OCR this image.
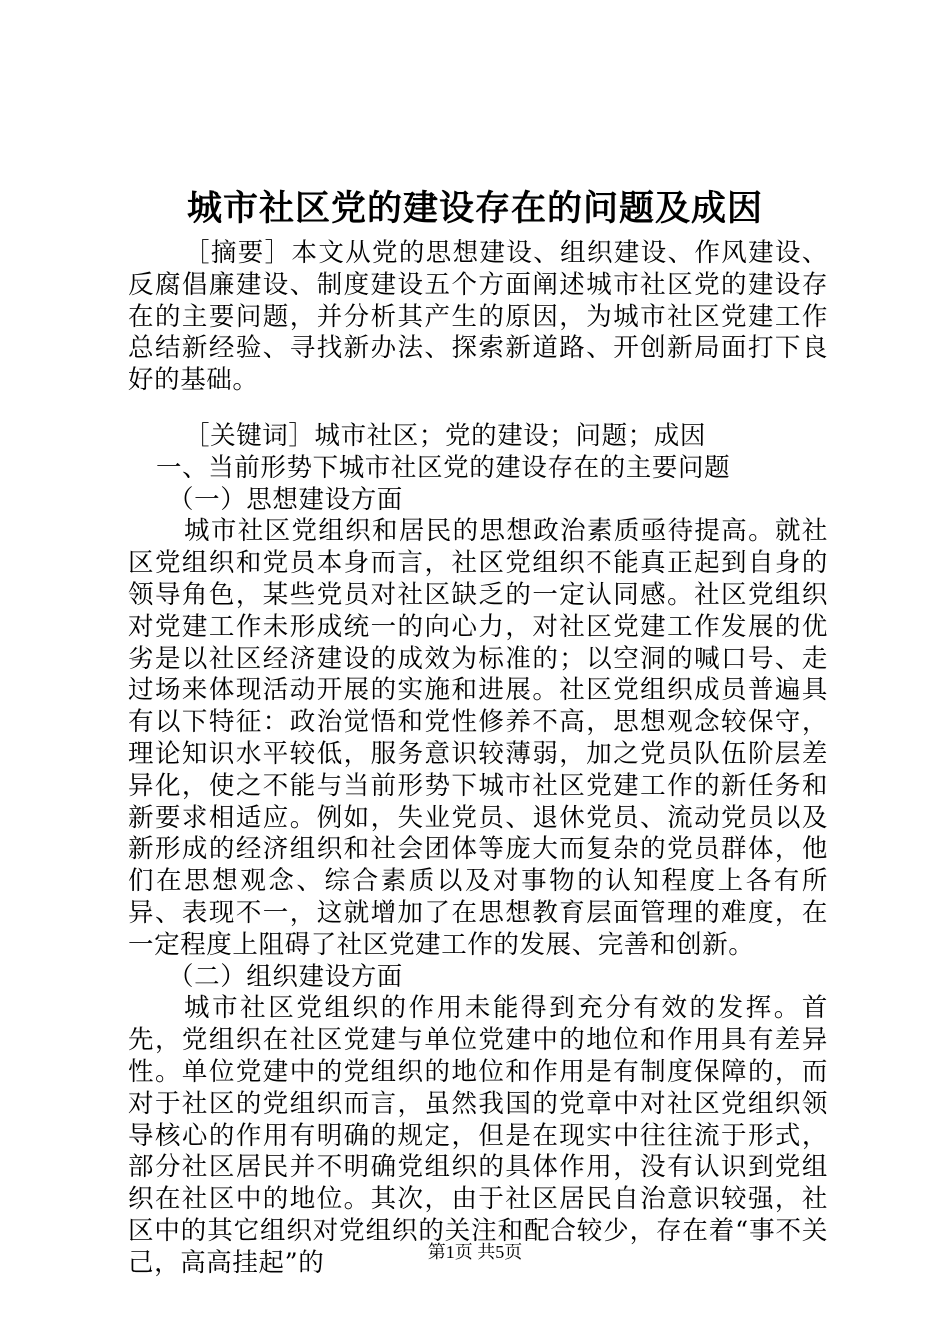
城市社区党的建设存在的问题及成因

［摘要］本文从党的思想建设、组织建设、作风建设、反腐倡廉建设、制度建设五个方面阐述城市社区党的建设存在的主要问题，并分析其产生的原因，为城市社区党建工作总结新经验、寻找新办法、探索新道路、开创新局面打下良好的基础。

［关键词］城市社区；党的建设；问题；成因

一、当前形势下城市社区党的建设存在的主要问题

（一）思想建设方面

城市社区党组织和居民的思想政治素质亟待提高。就社区党组织和党员本身而言，社区党组织不能真正起到自身的领导角色，某些党员对社区缺乏的一定认同感。社区党组织对党建工作未形成统一的向心力，对社区党建工作发展的优劣是以社区经济建设的成效为标准的；以空洞的喊口号、走过场来体现活动开展的实施和进展。社区党组织成员普遍具有以下特征：政治觉悟和党性修养不高，思想观念较保守，理论知识水平较低，服务意识较薄弱，加之党员队伍阶层差异化，使之不能与当前形势下城市社区党建工作的新任务和新要求相适应。例如，失业党员、退休党员、流动党员以及新形成的经济组织和社会团体等庞大而复杂的党员群体，他们在思想观念、综合素质以及对事物的认知程度上各有所异、表现不一，这就增加了在思想教育层面管理的难度，在一定程度上阻碍了社区党建工作的发展、完善和创新。

（二）组织建设方面

城市社区党组织的作用未能得到充分有效的发挥。首先，党组织在社区党建与单位党建中的地位和作用具有差异性。单位党建中的党组织的地位和作用是有制度保障的，而对于社区的党组织而言，虽然我国的党章中对社区党组织领导核心的作用有明确的规定，但是在现实中往往流于形式，部分社区居民并不明确党组织的具体作用，没有认识到党组织在社区中的地位。其次，由于社区居民自治意识较强，社区中的其它组织对党组织的关注和配合较少，存在着“事不关己，高高挂起”的	第1页 共5页
